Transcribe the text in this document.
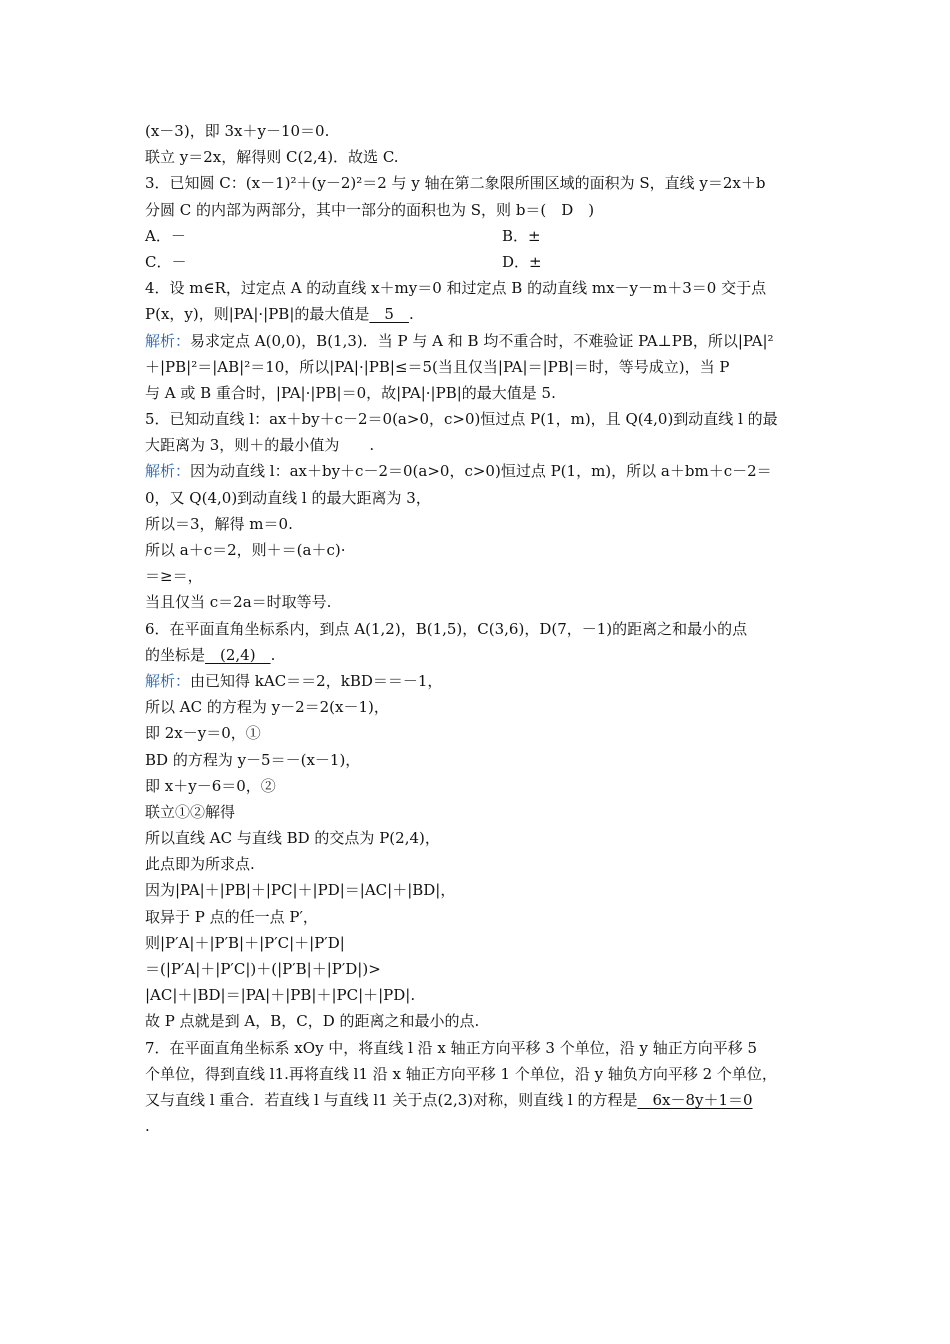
(x－3)，即 3x＋y－10＝0.
联立 y＝2x，解得则 C(2,4)．故选 C.
3．已知圆 C：(x－1)²＋(y－2)²＝2 与 y 轴在第二象限所围区域的面积为 S，直线 y＝2x＋b
分圆 C 的内部为两部分，其中一部分的面积也为 S，则 b＝(　D　)
A．－	B．±
C．－	D．±
4．设 m∈R，过定点 A 的动直线 x＋my＝0 和过定点 B 的动直线 mx－y－m＋3＝0 交于点
P(x，y)，则|PA|·|PB|的最大值是　5　.
解析：易求定点 A(0,0)，B(1,3)．当 P 与 A 和 B 均不重合时，不难验证 PA⊥PB，所以|PA|²
＋|PB|²＝|AB|²＝10，所以|PA|·|PB|≤＝5(当且仅当|PA|＝|PB|＝时，等号成立)，当 P
与 A 或 B 重合时，|PA|·|PB|＝0，故|PA|·|PB|的最大值是 5.
5．已知动直线 l：ax＋by＋c－2＝0(a>0，c>0)恒过点 P(1，m)，且 Q(4,0)到动直线 l 的最
大距离为 3，则＋的最小值为　　.
解析：因为动直线 l：ax＋by＋c－2＝0(a>0，c>0)恒过点 P(1，m)，所以 a＋bm＋c－2＝
0，又 Q(4,0)到动直线 l 的最大距离为 3，
所以＝3，解得 m＝0.
所以 a＋c＝2，则＋＝(a＋c)·
＝≥＝，
当且仅当 c＝2a＝时取等号.
6．在平面直角坐标系内，到点 A(1,2)，B(1,5)，C(3,6)，D(7，－1)的距离之和最小的点
的坐标是　(2,4)　.
解析：由已知得 kAC＝＝2，kBD＝＝－1，
所以 AC 的方程为 y－2＝2(x－1)，
即 2x－y＝0，①
BD 的方程为 y－5＝－(x－1)，
即 x＋y－6＝0，②
联立①②解得
所以直线 AC 与直线 BD 的交点为 P(2,4)，
此点即为所求点.
因为|PA|＋|PB|＋|PC|＋|PD|＝|AC|＋|BD|，
取异于 P 点的任一点 P′，
则|P′A|＋|P′B|＋|P′C|＋|P′D|
＝(|P′A|＋|P′C|)＋(|P′B|＋|P′D|)>
|AC|＋|BD|＝|PA|＋|PB|＋|PC|＋|PD|.
故 P 点就是到 A，B，C，D 的距离之和最小的点.
7．在平面直角坐标系 xOy 中，将直线 l 沿 x 轴正方向平移 3 个单位，沿 y 轴正方向平移 5
个单位，得到直线 l1.再将直线 l1 沿 x 轴正方向平移 1 个单位，沿 y 轴负方向平移 2 个单位，
又与直线 l 重合．若直线 l 与直线 l1 关于点(2,3)对称，则直线 l 的方程是　6x－8y＋1＝0
.
